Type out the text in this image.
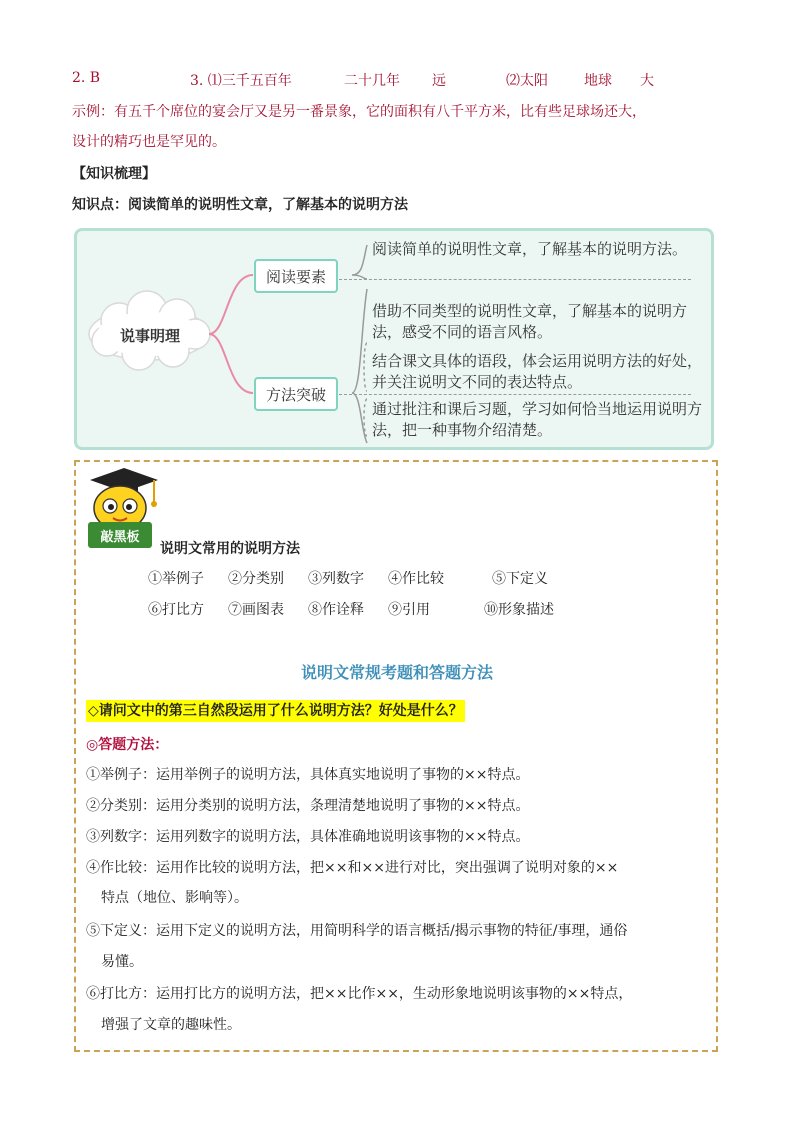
2. B	3. ⑴三千五百年	二十几年 远	⑵太阳	地球 大
示例：有五千个席位的宴会厅又是另一番景象，它的面积有八千平方米，比有些足球场还大，
设计的精巧也是罕见的。
【知识梳理】
知识点：阅读简单的说明性文章，了解基本的说明方法
说事明理
阅读要素
方法突破
阅读简单的说明性文章，了解基本的说明方法。
借助不同类型的说明性文章，了解基本的说明方法，感受不同的语言风格。
结合课文具体的语段，体会运用说明方法的好处，并关注说明文不同的表达特点。
通过批注和课后习题，学习如何恰当地运用说明方法，把一种事物介绍清楚。
敲黑板
说明文常用的说明方法
①举例子 ②分类别 ③列数字 ④作比较	⑤下定义
⑥打比方 ⑦画图表 ⑧作诠释 ⑨引用	⑩形象描述
说明文常规考题和答题方法
◇请问文中的第三自然段运用了什么说明方法？好处是什么？
◎答题方法：
①举例子：运用举例子的说明方法，具体真实地说明了事物的××特点。
②分类别：运用分类别的说明方法，条理清楚地说明了事物的××特点。
③列数字：运用列数字的说明方法，具体准确地说明该事物的××特点。
④作比较：运用作比较的说明方法，把××和××进行对比，突出强调了说明对象的××
特点（地位、影响等）。
⑤下定义：运用下定义的说明方法，用简明科学的语言概括/揭示事物的特征/事理，通俗
易懂。
⑥打比方：运用打比方的说明方法，把××比作××，生动形象地说明该事物的××特点，
增强了文章的趣味性。
